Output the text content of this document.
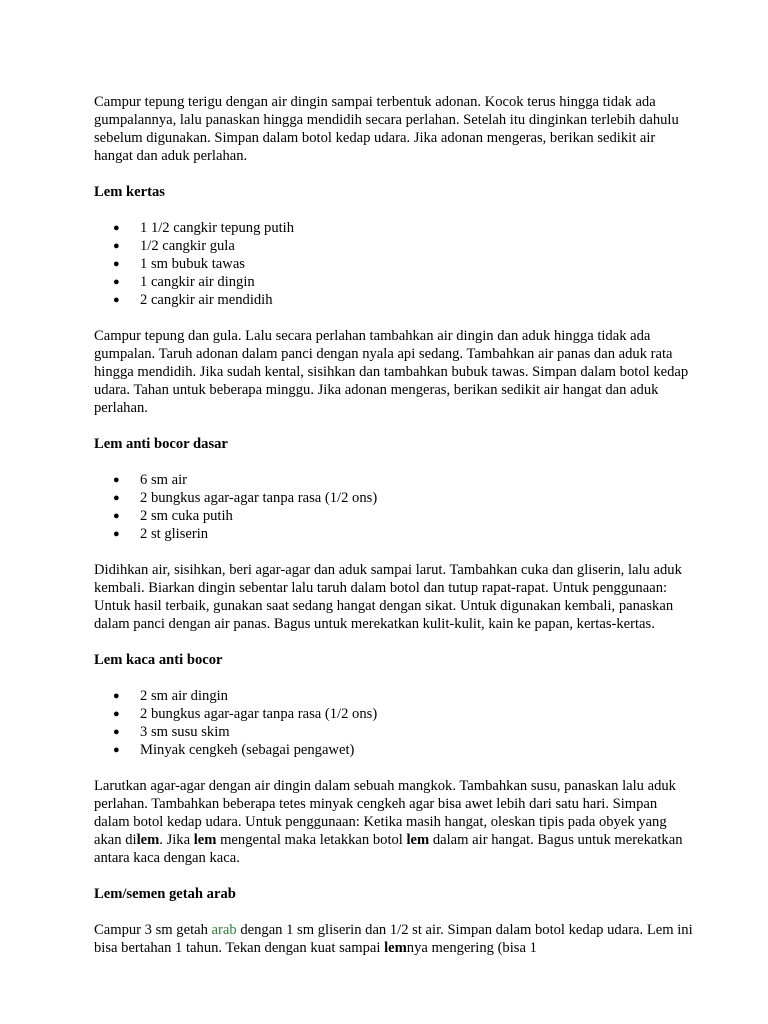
Campur tepung terigu dengan air dingin sampai terbentuk adonan. Kocok terus hingga tidak ada gumpalannya, lalu panaskan hingga mendidih secara perlahan. Setelah itu dinginkan terlebih dahulu sebelum digunakan. Simpan dalam botol kedap udara. Jika adonan mengeras, berikan sedikit air hangat dan aduk perlahan.

Lem kertas
● 1 1/2 cangkir tepung putih
● 1/2 cangkir gula
● 1 sm bubuk tawas
● 1 cangkir air dingin
● 2 cangkir air mendidih

Campur tepung dan gula. Lalu secara perlahan tambahkan air dingin dan aduk hingga tidak ada gumpalan. Taruh adonan dalam panci dengan nyala api sedang. Tambahkan air panas dan aduk rata hingga mendidih. Jika sudah kental, sisihkan dan tambahkan bubuk tawas. Simpan dalam botol kedap udara. Tahan untuk beberapa minggu. Jika adonan mengeras, berikan sedikit air hangat dan aduk perlahan.

Lem anti bocor dasar
● 6 sm air
● 2 bungkus agar-agar tanpa rasa (1/2 ons)
● 2 sm cuka putih
● 2 st gliserin

Didihkan air, sisihkan, beri agar-agar dan aduk sampai larut. Tambahkan cuka dan gliserin, lalu aduk kembali. Biarkan dingin sebentar lalu taruh dalam botol dan tutup rapat-rapat. Untuk penggunaan: Untuk hasil terbaik, gunakan saat sedang hangat dengan sikat. Untuk digunakan kembali, panaskan dalam panci dengan air panas. Bagus untuk merekatkan kulit-kulit, kain ke papan, kertas-kertas.

Lem kaca anti bocor
● 2 sm air dingin
● 2 bungkus agar-agar tanpa rasa (1/2 ons)
● 3 sm susu skim
● Minyak cengkeh (sebagai pengawet)

Larutkan agar-agar dengan air dingin dalam sebuah mangkok. Tambahkan susu, panaskan lalu aduk perlahan. Tambahkan beberapa tetes minyak cengkeh agar bisa awet lebih dari satu hari. Simpan dalam botol kedap udara. Untuk penggunaan: Ketika masih hangat, oleskan tipis pada obyek yang akan dilem. Jika lem mengental maka letakkan botol lem dalam air hangat. Bagus untuk merekatkan antara kaca dengan kaca.

Lem/semen getah arab

Campur 3 sm getah arab dengan 1 sm gliserin dan 1/2 st air. Simpan dalam botol kedap udara. Lem ini bisa bertahan 1 tahun. Tekan dengan kuat sampai lemnya mengering (bisa 1
